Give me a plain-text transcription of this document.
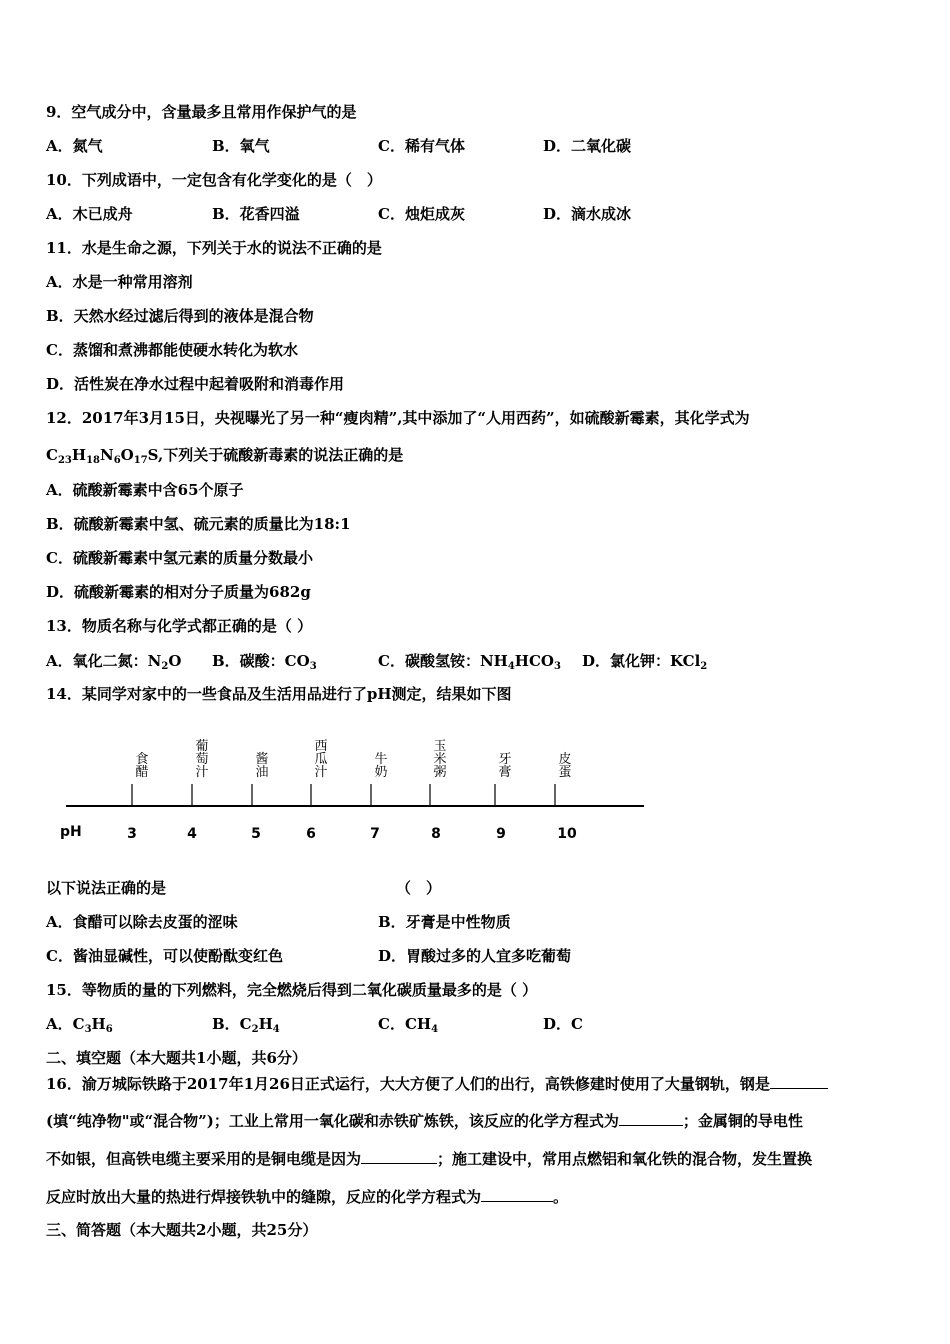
9．空气成分中，含量最多且常用作保护气的是
A．氮气	B．氧气	C．稀有气体	D．二氧化碳
10．下列成语中，一定包含有化学变化的是（　）
A．木已成舟	B．花香四溢	C．烛炬成灰	D．滴水成冰
11．水是生命之源，下列关于水的说法不正确的是
A．水是一种常用溶剂
B．天然水经过滤后得到的液体是混合物
C．蒸馏和煮沸都能使硬水转化为软水
D．活性炭在净水过程中起着吸附和消毒作用
12．2017年3月15日，央视曝光了另一种“瘦肉精”,其中添加了“人用西药”，如硫酸新霉素，其化学式为
$C_{23}H_{18}N_6O_{17}S$,下列关于硫酸新毒素的说法正确的是
A．硫酸新霉素中含65个原子
B．硫酸新霉素中氢、硫元素的质量比为18:1
C．硫酸新霉素中氢元素的质量分数最小
D．硫酸新霉素的相对分子质量为682g
13．物质名称与化学式都正确的是（ ）
A．氧化二氮：$N_2O$ B．碳酸：$CO_3$	C．碳酸氢铵：$NH_4HCO_3$ D．氯化钾：KCl$_2$
14．某同学对家中的一些食品及生活用品进行了pH测定，结果如下图
pH
食
醋
3
葡
萄
汁
4
酱
油
5
西
瓜
汁
6
牛
奶
7
玉
米
粥
8
牙
膏
9
皮
蛋
10
以下说法正确的是	（　）
A．食醋可以除去皮蛋的涩味	B．牙膏是中性物质
C．酱油显碱性，可以使酚酞变红色	D．胃酸过多的人宜多吃葡萄
15．等物质的量的下列燃料，完全燃烧后得到二氧化碳质量最多的是（ ）
A．$C_3H_6$	B．$C_2H_4$	C．$CH_4$	D．C
二、填空题（本大题共1小题，共6分）
16．渝万城际铁路于2017年1月26日正式运行，大大方便了人们的出行，高铁修建时使用了大量钢轨，钢是
(填“纯净物"或“混合物”)；工业上常用一氧化碳和赤铁矿炼铁，该反应的化学方程式为	；金属铜的导电性
不如银，但高铁电缆主要采用的是铜电缆是因为	；施工建设中，常用点燃铝和氧化铁的混合物，发生置换
反应时放出大量的热进行焊接铁轨中的缝隙，反应的化学方程式为	。
三、简答题（本大题共2小题，共25分）
